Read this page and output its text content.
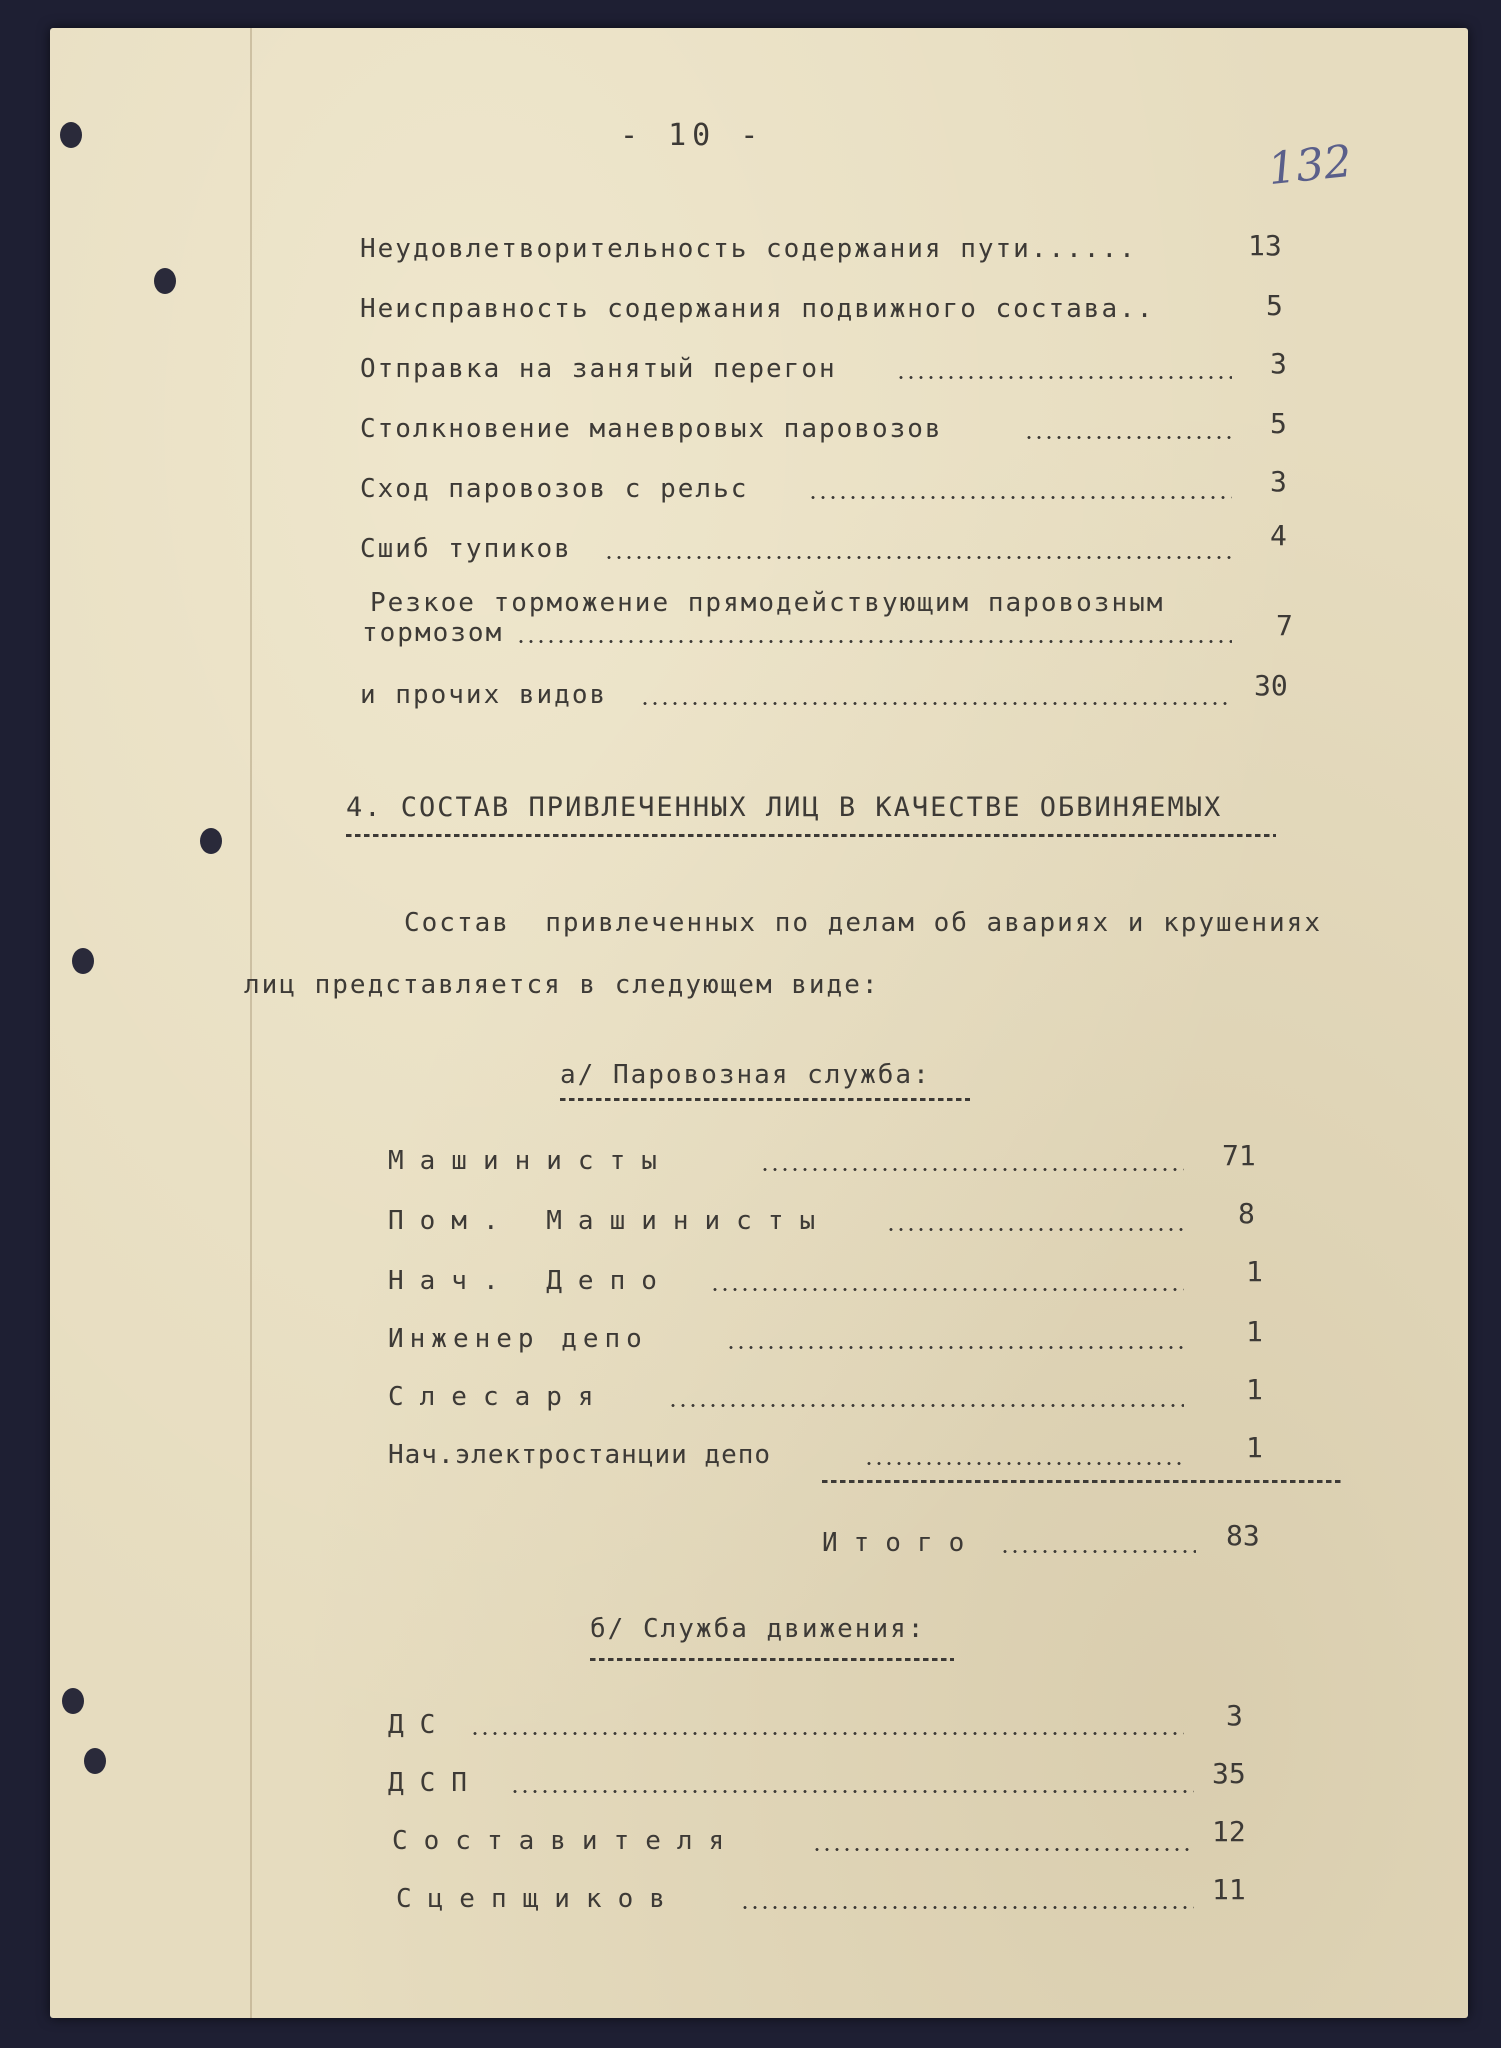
- 10 -
132
Неудовлетворительность содержания пути......	13
Неисправность содержания подвижного состава..	5
Отправка на занятый перегон	3
Столкновение маневровых паровозов	5
Сход паровозов с рельс	3
Сшиб тупиков	4
Резкое торможение прямодействующим паровозным
тормозом	7
и прочих видов	30
4. СОСТАВ ПРИВЛЕЧЕННЫХ ЛИЦ В КАЧЕСТВЕ ОБВИНЯЕМЫХ
Состав  привлеченных по делам об авариях и крушениях
лиц представляется в следующем виде:
а/ Паровозная служба:
Машинисты	71
Пом. Машинисты	8
Нач. Депо	1
Инженер депо	1
Слесаря	1
Нач.электростанции депо	1
Итого	83
б/ Служба движения:
ДС	3
ДСП	35
Составителя	12
Сцепщиков	11
